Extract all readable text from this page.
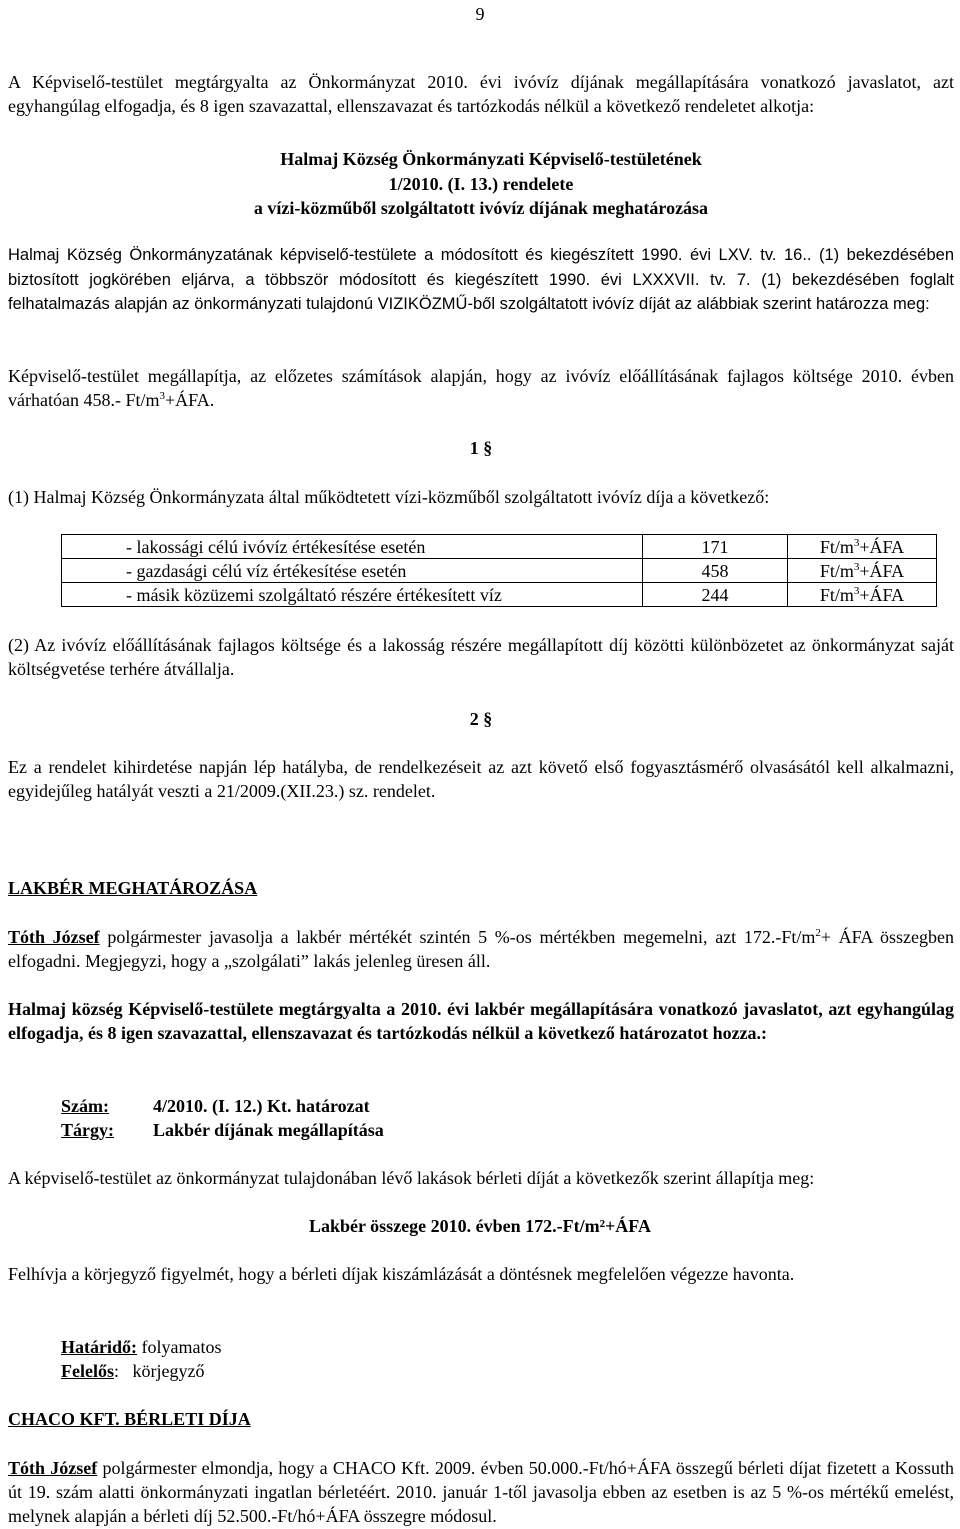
9

A Képviselő-testület megtárgyalta az Önkormányzat 2010. évi ivóvíz díjának megállapítására vonatkozó javaslatot, azt egyhangúlag elfogadja, és 8 igen szavazattal, ellenszavazat és tartózkodás nélkül a következő rendeletet alkotja:

Halmaj Község Önkormányzati Képviselő-testületének

1/2010. (I. 13.) rendelete

a vízi-közműből szolgáltatott ivóvíz díjának meghatározása

Halmaj Község Önkormányzatának képviselő-testülete a módosított és kiegészített 1990. évi LXV. tv. 16.. (1) bekezdésében biztosított jogkörében eljárva, a többször módosított és kiegészített 1990. évi LXXXVII. tv. 7. (1) bekezdésében foglalt felhatalmazás alapján az önkormányzati tulajdonú VIZIKÖZMŰ-ből szolgáltatott ivóvíz díját az alábbiak szerint határozza meg:

Képviselő-testület megállapítja, az előzetes számítások alapján, hogy az ivóvíz előállításának fajlagos költsége 2010. évben várhatóan 458.- $Ft/m^3+ÁFA$.

1 §

(1) Halmaj Község Önkormányzata által működtetett vízi-közműből szolgáltatott ivóvíz díja a következő:

- lakossági célú ivóvíz értékesítése esetén	171	$Ft/m^3+ÁFA$
- gazdasági célú víz értékesítése esetén	458	$Ft/m^3+ÁFA$
- másik közüzemi szolgáltató részére értékesített víz	244	$Ft/m^3+ÁFA$

(2) Az ivóvíz előállításának fajlagos költsége és a lakosság részére megállapított díj közötti különbözetet az önkormányzat saját költségvetése terhére átvállalja.

2 §

Ez a rendelet kihirdetése napján lép hatályba, de rendelkezéseit az azt követő első fogyasztásmérő olvasásától kell alkalmazni, egyidejűleg hatályát veszti a 21/2009.(XII.23.) sz. rendelet.

LAKBÉR MEGHATÁROZÁSA

Tóth József polgármester javasolja a lakbér mértékét szintén 5 %-os mértékben megemelni, azt $172.-Ft/m^2+$ ÁFA összegben elfogadni. Megjegyzi, hogy a „szolgálati” lakás jelenleg üresen áll.

Halmaj község Képviselő-testülete megtárgyalta a 2010. évi lakbér megállapítására vonatkozó javaslatot, azt egyhangúlag elfogadja, és 8 igen szavazattal, ellenszavazat és tartózkodás nélkül a következő határozatot hozza.:

Szám: 4/2010. (I. 12.) Kt. határozat

Tárgy: Lakbér díjának megállapítása

A képviselő-testület az önkormányzat tulajdonában lévő lakások bérleti díját a következők szerint állapítja meg:

Lakbér összege 2010. évben 172.-Ft/m²+ÁFA

Felhívja a körjegyző figyelmét, hogy a bérleti díjak kiszámlázását a döntésnek megfelelően végezze havonta.

Határidő: folyamatos

Felelős:   körjegyző

CHACO KFT. BÉRLETI DÍJA

Tóth József polgármester elmondja, hogy a CHACO Kft. 2009. évben 50.000.-Ft/hó+ÁFA összegű bérleti díjat fizetett a Kossuth út 19. szám alatti önkormányzati ingatlan bérletéért. 2010. január 1-től javasolja ebben az esetben is az 5 %-os mértékű emelést, melynek alapján a bérleti díj 52.500.-Ft/hó+ÁFA összegre módosul.
